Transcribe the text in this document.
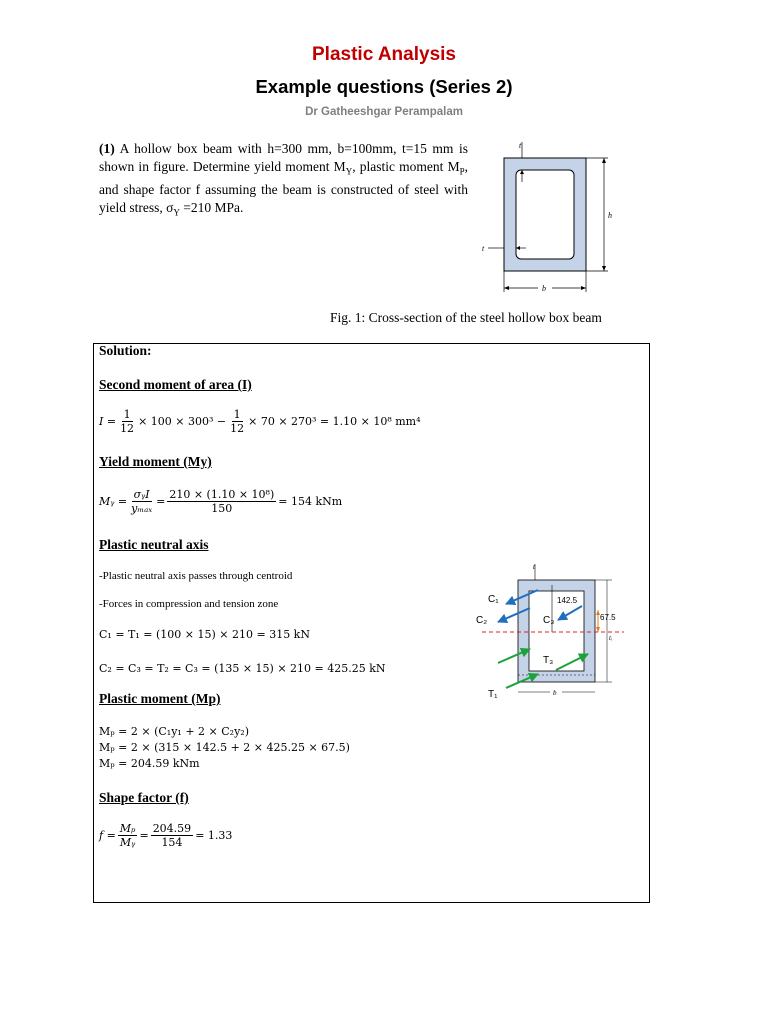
Plastic Analysis
Example questions (Series 2)
Dr Gatheeshgar Perampalam
(1) A hollow box beam with h=300 mm, b=100mm, t=15 mm is shown in figure. Determine yield moment $M_Y$, plastic moment $M_P$, and shape factor f assuming the beam is constructed of steel with yield stress, $\sigma_Y =210$ MPa.
t
t
h
b
Fig. 1: Cross-section of the steel hollow box beam
Solution:
Second moment of area (I)
$I = \frac{1}{12} \times 100 \times 300^3 - \frac{1}{12} \times 70 \times 270^3 = 1.10 \times 10^8$ mm⁴
Yield moment (My)
Mᵧ = $\frac{\text{σᵧI}}{\text{yₘₐₓ}} = \frac{\text{210 × (1.10 × 10⁸)}}{150} = 154$ kNm
Plastic neutral axis
-Plastic neutral axis passes through centroid
-Forces in compression and tension zone
C₁ = T₁ = (100 × 15) × 210 = 315 kN
C₂ = C₃ = T₂ = C₃ = (135 × 15) × 210 = 425.25 kN
Plastic moment (Mp)
Mₚ = 2 × (C₁y₁ + 2 × C₂y₂)
Mₚ = 2 × (315 × 142.5 + 2 × 425.25 × 67.5)
Mₚ = 204.59 kNm
Shape factor (f)
$f = \frac{\text{Mₚ}}{\text{Mᵧ}} = \frac{204.59}{154} = 1.33$
t
142.5
67.5
tᵢ
C₁
C₂	C₃
T₃
T₁	b
